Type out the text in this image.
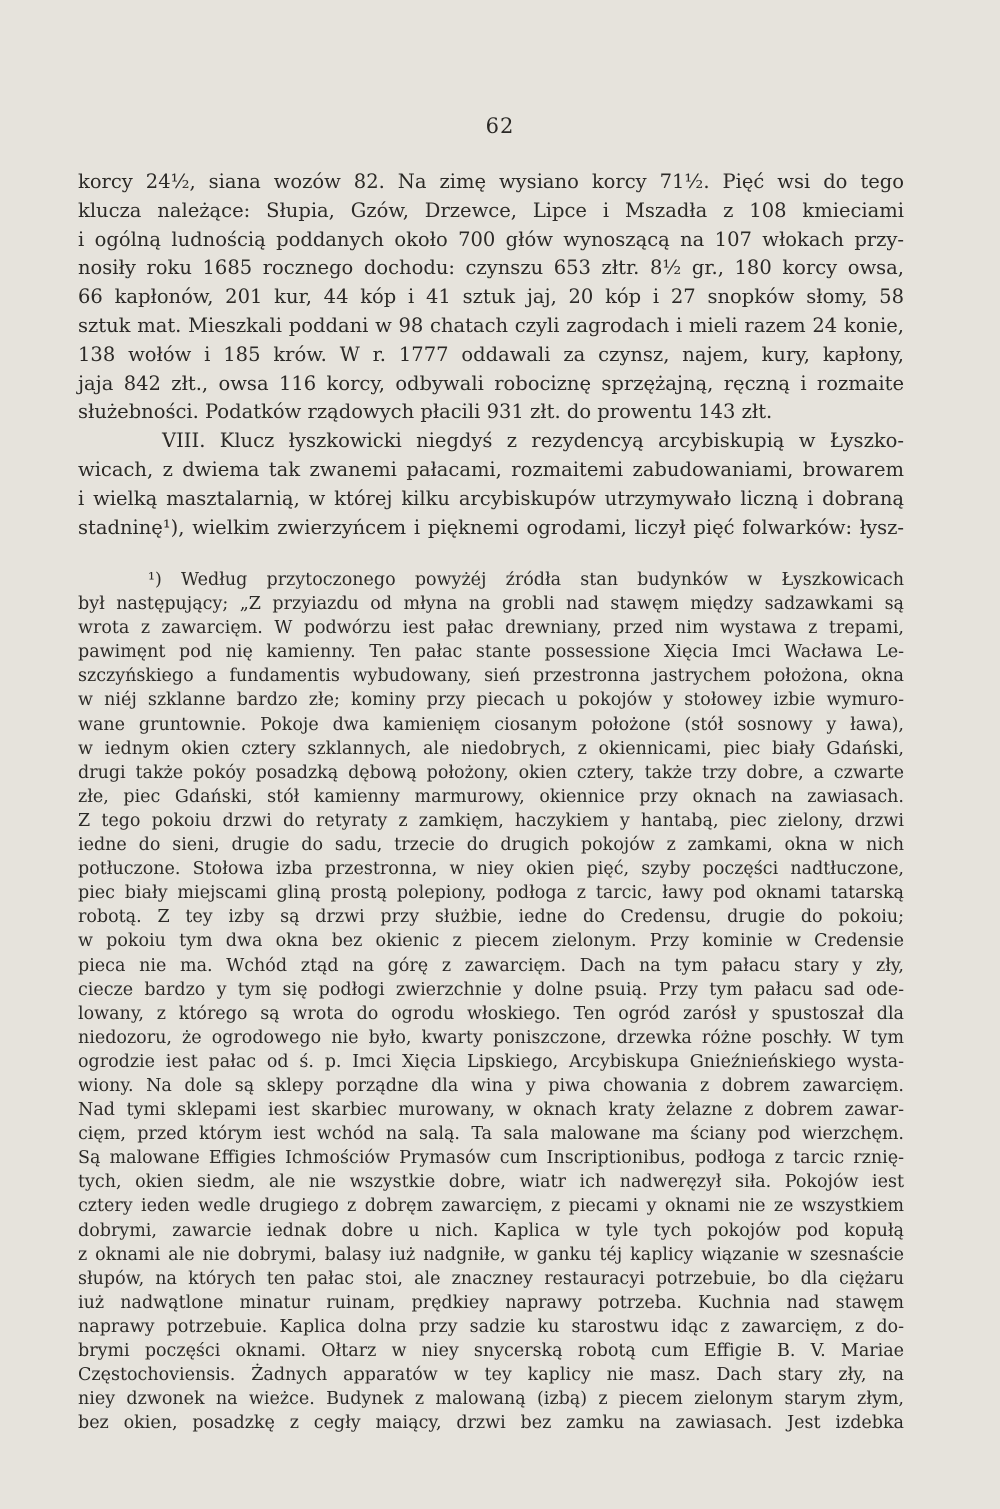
62
korcy 24½, siana wozów 82. Na zimę wysiano korcy 71½. Pięć wsi do tego
klucza należące: Słupia, Gzów, Drzewce, Lipce i Mszadła z 108 kmieciami
i ogólną ludnością poddanych około 700 głów wynoszącą na 107 włokach przy-
nosiły roku 1685 rocznego dochodu: czynszu 653 złtr. 8½ gr., 180 korcy owsa,
66 kapłonów, 201 kur, 44 kóp i 41 sztuk jaj, 20 kóp i 27 snopków słomy, 58
sztuk mat. Mieszkali poddani w 98 chatach czyli zagrodach i mieli razem 24 konie,
138 wołów i 185 krów. W r. 1777 oddawali za czynsz, najem, kury, kapłony,
jaja 842 złt., owsa 116 korcy, odbywali robociznę sprzężajną, ręczną i rozmaite
służebności. Podatków rządowych płacili 931 złt. do prowentu 143 złt.
VIII. Klucz łyszkowicki niegdyś z rezydencyą arcybiskupią w Łyszko-
wicach, z dwiema tak zwanemi pałacami, rozmaitemi zabudowaniami, browarem
i wielką masztalarnią, w której kilku arcybiskupów utrzymywało liczną i dobraną
stadninę¹), wielkim zwierzyńcem i pięknemi ogrodami, liczył pięć folwarków: łysz-
¹) Według przytoczonego powyżéj źródła stan budynków w Łyszkowicach
był następujący; „Z przyiazdu od młyna na grobli nad stawęm między sadzawkami są
wrota z zawarcięm. W podwórzu iest pałac drewniany, przed nim wystawa z trepami,
pawimęnt pod nię kamienny. Ten pałac stante possessione Xięcia Imci Wacława Le-
szczyńskiego a fundamentis wybudowany, sień przestronna jastrychem położona, okna
w niéj szklanne bardzo złe; kominy przy piecach u pokojów y stołowey izbie wymuro-
wane gruntownie. Pokoje dwa kamienięm ciosanym położone (stół sosnowy y ława),
w iednym okien cztery szklannych, ale niedobrych, z okiennicami, piec biały Gdański,
drugi także pokóy posadzką dębową położony, okien cztery, także trzy dobre, a czwarte
złe, piec Gdański, stół kamienny marmurowy, okiennice przy oknach na zawiasach.
Z tego pokoiu drzwi do retyraty z zamkięm, haczykiem y hantabą, piec zielony, drzwi
iedne do sieni, drugie do sadu, trzecie do drugich pokojów z zamkami, okna w nich
potłuczone. Stołowa izba przestronna, w niey okien pięć, szyby poczęści nadtłuczone,
piec biały miejscami gliną prostą polepiony, podłoga z tarcic, ławy pod oknami tatarską
robotą. Z tey izby są drzwi przy służbie, iedne do Credensu, drugie do pokoiu;
w pokoiu tym dwa okna bez okienic z piecem zielonym. Przy kominie w Credensie
pieca nie ma. Wchód ztąd na górę z zawarcięm. Dach na tym pałacu stary y zły,
ciecze bardzo y tym się podłogi zwierzchnie y dolne psuią. Przy tym pałacu sad ode-
lowany, z którego są wrota do ogrodu włoskiego. Ten ogród zarósł y spustoszał dla
niedozoru, że ogrodowego nie było, kwarty poniszczone, drzewka różne poschły. W tym
ogrodzie iest pałac od ś. p. Imci Xięcia Lipskiego, Arcybiskupa Gnieźnieńskiego wysta-
wiony. Na dole są sklepy porządne dla wina y piwa chowania z dobrem zawarcięm.
Nad tymi sklepami iest skarbiec murowany, w oknach kraty żelazne z dobrem zawar-
cięm, przed którym iest wchód na salą. Ta sala malowane ma ściany pod wierzchęm.
Są malowane Effigies Ichmościów Prymasów cum Inscriptionibus, podłoga z tarcic rznię-
tych, okien siedm, ale nie wszystkie dobre, wiatr ich nadweręzył siła. Pokojów iest
cztery ieden wedle drugiego z dobręm zawarcięm, z piecami y oknami nie ze wszystkiem
dobrymi, zawarcie iednak dobre u nich. Kaplica w tyle tych pokojów pod kopułą
z oknami ale nie dobrymi, balasy iuż nadgniłe, w ganku téj kaplicy wiązanie w szesnaście
słupów, na których ten pałac stoi, ale znaczney restauracyi potrzebuie, bo dla ciężaru
iuż nadwątlone minatur ruinam, prędkiey naprawy potrzeba. Kuchnia nad stawęm
naprawy potrzebuie. Kaplica dolna przy sadzie ku starostwu idąc z zawarcięm, z do-
brymi poczęści oknami. Ołtarz w niey snycerską robotą cum Effigie B. V. Mariae
Częstochoviensis. Żadnych apparatów w tey kaplicy nie masz. Dach stary zły, na
niey dzwonek na wieżce. Budynek z malowaną (izbą) z piecem zielonym starym złym,
bez okien, posadzkę z cegły maiący, drzwi bez zamku na zawiasach. Jest izdebka
